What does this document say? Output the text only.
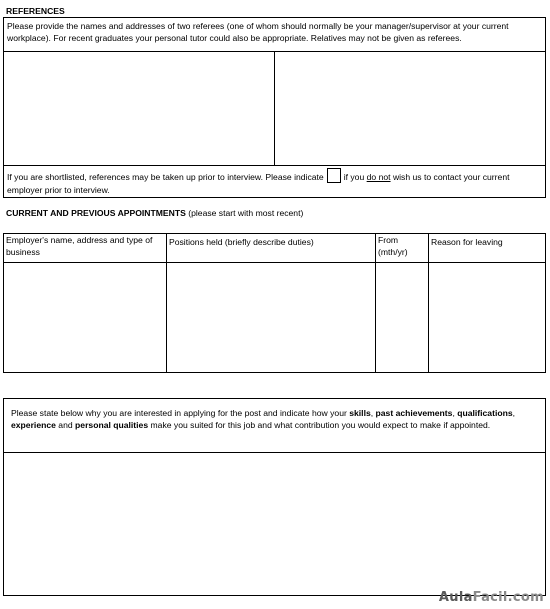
REFERENCES
Please provide the names and addresses of two referees (one of whom should normally be your manager/supervisor at your current workplace). For recent graduates your personal tutor could also be appropriate. Relatives may not be given as referees.
If you are shortlisted, references may be taken up prior to interview. Please indicate if you do not wish us to contact your current employer prior to interview.
CURRENT AND PREVIOUS APPOINTMENTS (please start with most recent)
Employer's name, address and type of business
Positions held (briefly describe duties)	From (mth/yr)
Reason for leaving
Please state below why you are interested in applying for the post and indicate how your skills, past achievements, qualifications, experience and personal qualities make you suited for this job and what contribution you would expect to make if appointed.
AulaFacil.com
